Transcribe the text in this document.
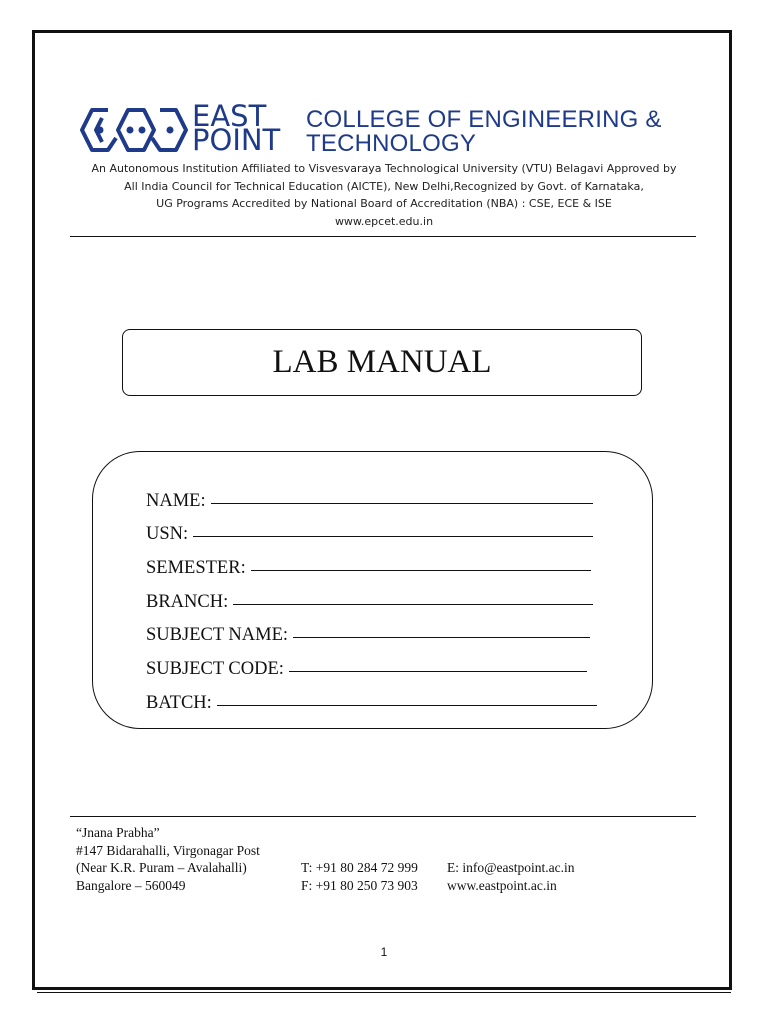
EAST
POINT
COLLEGE OF ENGINEERING &
TECHNOLOGY
An Autonomous Institution Affiliated to Visvesvaraya Technological University (VTU) Belagavi Approved by
All India Council for Technical Education (AICTE), New Delhi,Recognized by Govt. of Karnataka,
UG Programs Accredited by National Board of Accreditation (NBA) : CSE, ECE & ISE
www.epcet.edu.in
LAB MANUAL
NAME:
USN:
SEMESTER:
BRANCH:
SUBJECT NAME:
SUBJECT CODE:
BATCH:
“Jnana Prabha”
#147 Bidarahalli, Virgonagar Post
(Near K.R. Puram – Avalahalli)
Bangalore – 560049
T: +91 80 284 72 999
F: +91 80 250 73 903
E: info@eastpoint.ac.in
www.eastpoint.ac.in
1
